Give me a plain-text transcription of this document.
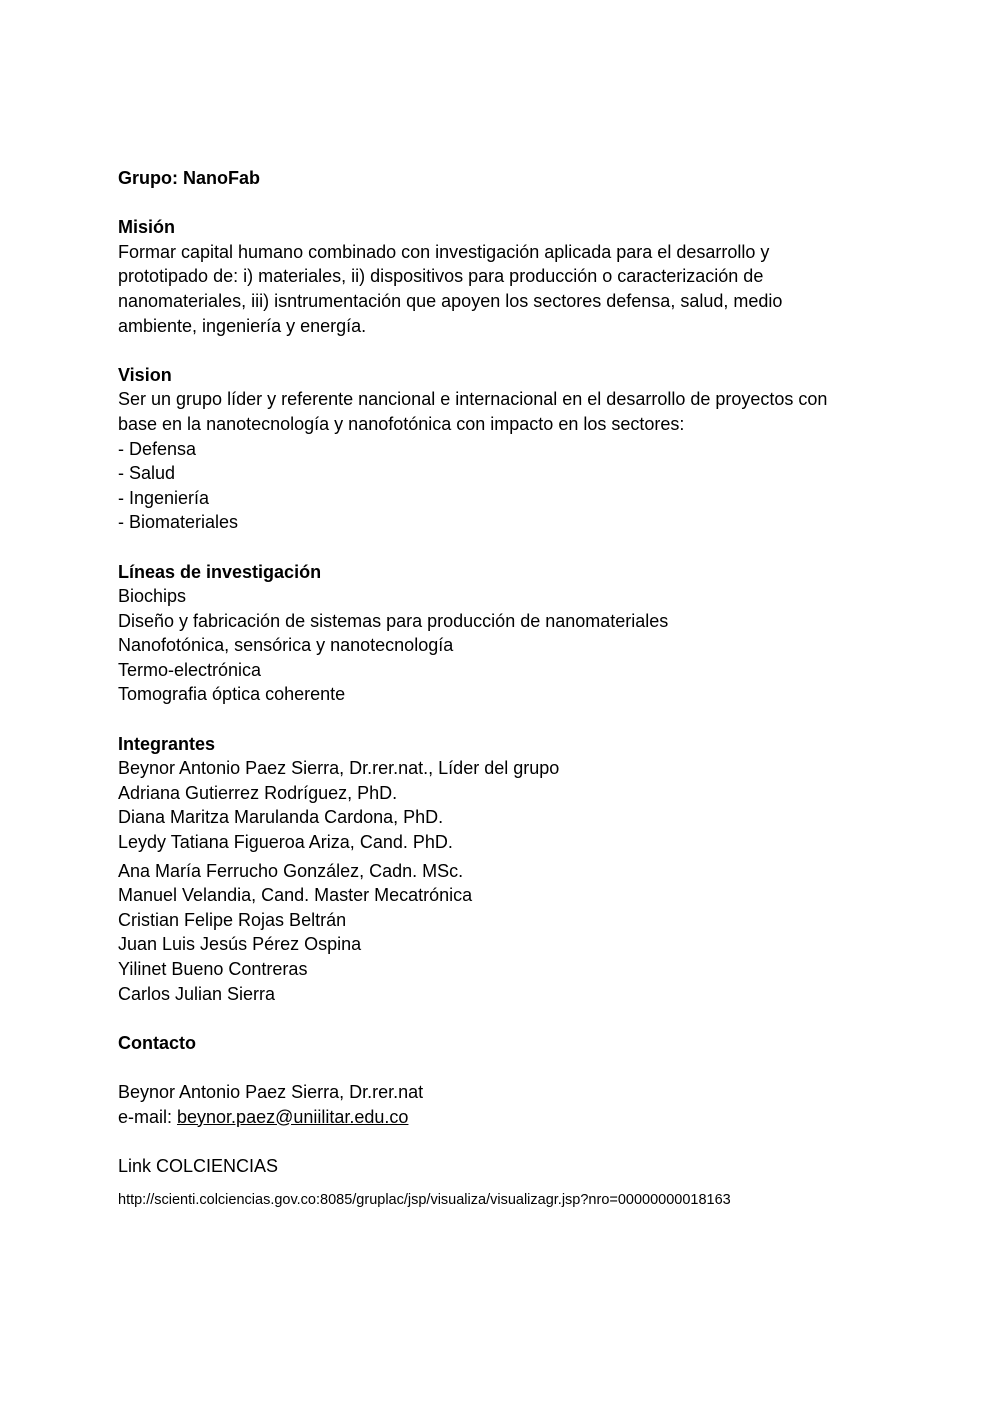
Grupo: NanoFab
Misión
Formar capital humano combinado con investigación aplicada para el desarrollo y
prototipado de: i) materiales, ii) dispositivos para producción o caracterización de
nanomateriales, iii) isntrumentación que apoyen los sectores defensa, salud, medio
ambiente, ingeniería y energía.
Vision
Ser un grupo líder y referente nancional e internacional en el desarrollo de proyectos con
base en la nanotecnología y nanofotónica con impacto en los sectores:
- Defensa
- Salud
- Ingeniería
- Biomateriales
Líneas de investigación
Biochips
Diseño y fabricación de sistemas para producción de nanomateriales
Nanofotónica, sensórica y nanotecnología
Termo-electrónica
Tomografia óptica coherente
Integrantes
Beynor Antonio Paez Sierra, Dr.rer.nat., Líder del grupo
Adriana Gutierrez Rodríguez, PhD.
Diana Maritza Marulanda Cardona, PhD.
Leydy Tatiana Figueroa Ariza, Cand. PhD.
Ana María Ferrucho González, Cadn. MSc.
Manuel Velandia, Cand. Master Mecatrónica
Cristian Felipe Rojas Beltrán
Juan Luis Jesús Pérez Ospina
Yilinet Bueno Contreras
Carlos Julian Sierra
Contacto
Beynor Antonio Paez Sierra, Dr.rer.nat
e-mail: beynor.paez@uniilitar.edu.co
Link COLCIENCIAS
http://scienti.colciencias.gov.co:8085/gruplac/jsp/visualiza/visualizagr.jsp?nro=00000000018163
